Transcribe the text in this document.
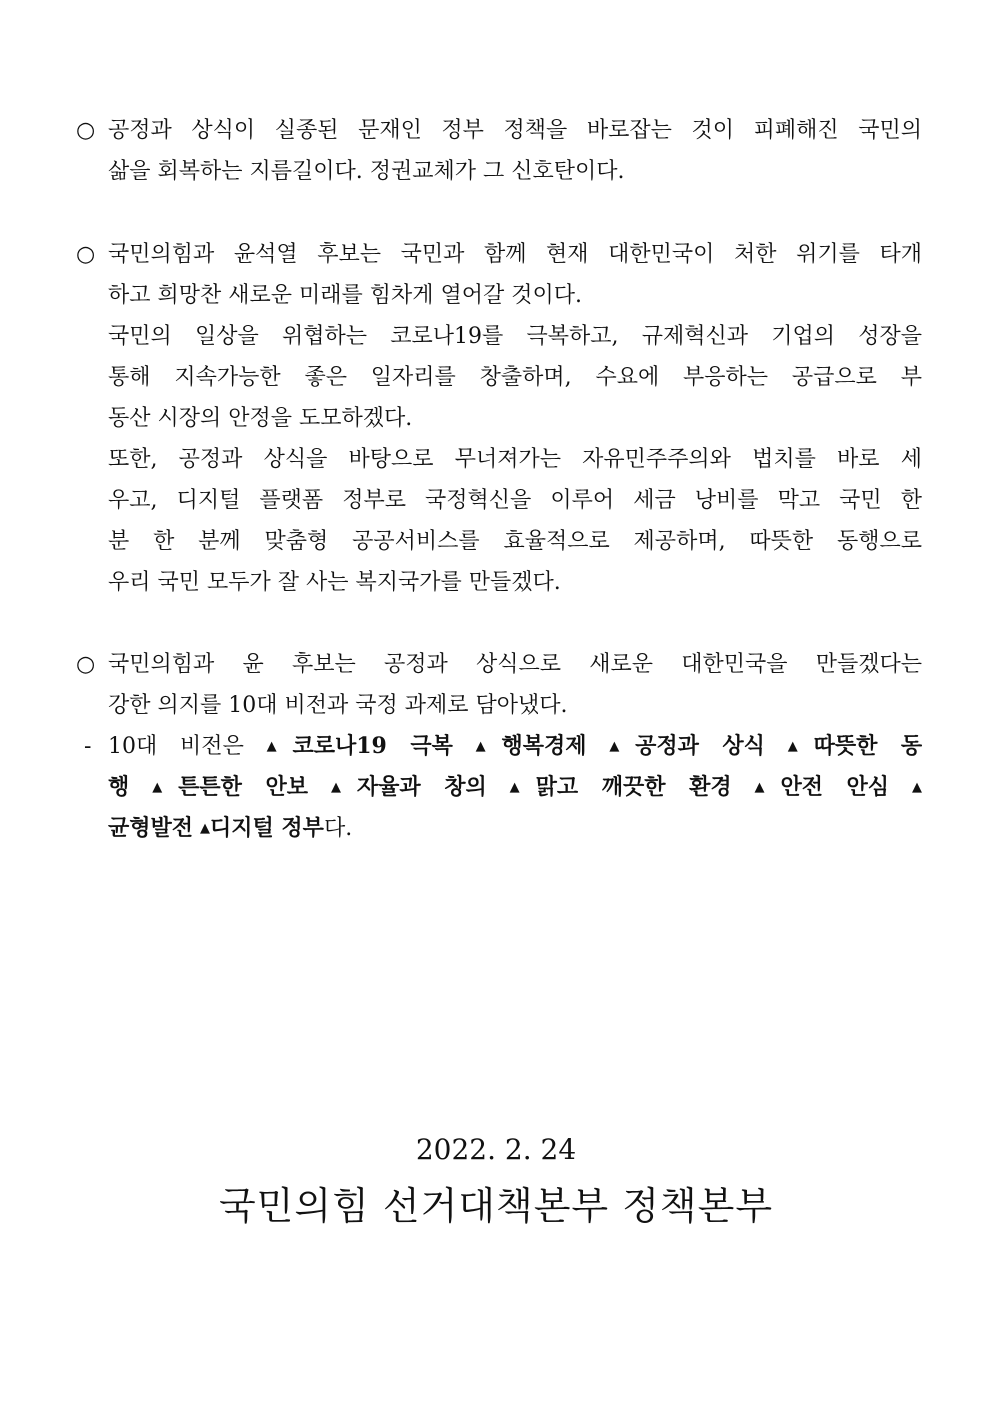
○ 공정과 상식이 실종된 문재인 정부 정책을 바로잡는 것이 피폐해진 국민의
삶을 회복하는 지름길이다. 정권교체가 그 신호탄이다.
○ 국민의힘과 윤석열 후보는 국민과 함께 현재 대한민국이 처한 위기를 타개
하고 희망찬 새로운 미래를 힘차게 열어갈 것이다.
국민의 일상을 위협하는 코로나19를 극복하고, 규제혁신과 기업의 성장을
통해 지속가능한 좋은 일자리를 창출하며, 수요에 부응하는 공급으로 부
동산 시장의 안정을 도모하겠다.
또한, 공정과 상식을 바탕으로 무너져가는 자유민주주의와 법치를 바로 세
우고, 디지털 플랫폼 정부로 국정혁신을 이루어 세금 낭비를 막고 국민 한
분 한 분께 맞춤형 공공서비스를 효율적으로 제공하며, 따뜻한 동행으로
우리 국민 모두가 잘 사는 복지국가를 만들겠다.
○ 국민의힘과 윤 후보는 공정과 상식으로 새로운 대한민국을 만들겠다는
강한 의지를 10대 비전과 국정 과제로 담아냈다.
- 10대 비전은 ▲코로나19 극복 ▲행복경제 ▲공정과 상식 ▲따뜻한 동
행 ▲튼튼한 안보 ▲자율과 창의 ▲맑고 깨끗한 환경 ▲안전 안심 ▲
균형발전 ▲디지털 정부다.
2022. 2. 24
국민의힘 선거대책본부 정책본부
